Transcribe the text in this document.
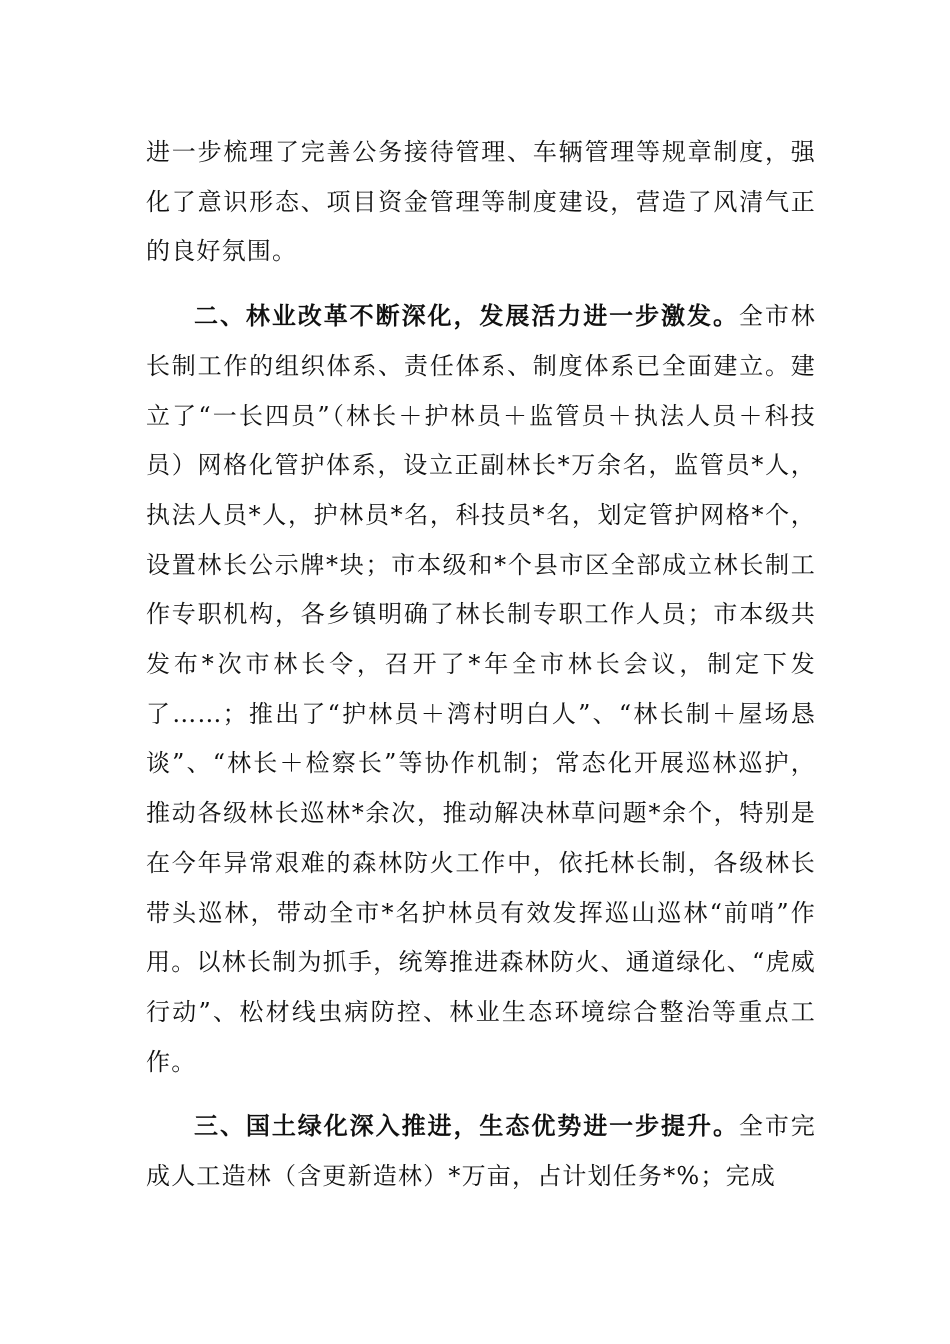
进一步梳理了完善公务接待管理、车辆管理等规章制度，强化了意识形态、项目资金管理等制度建设，营造了风清气正的良好氛围。

二、林业改革不断深化，发展活力进一步激发。全市林长制工作的组织体系、责任体系、制度体系已全面建立。建立了“一长四员”（林长＋护林员＋监管员＋执法人员＋科技员）网格化管护体系，设立正副林长*万余名，监管员*人，执法人员*人，护林员*名，科技员*名，划定管护网格*个，设置林长公示牌*块；市本级和*个县市区全部成立林长制工作专职机构，各乡镇明确了林长制专职工作人员；市本级共发布*次市林长令，召开了*年全市林长会议，制定下发了……；推出了“护林员＋湾村明白人”、“林长制＋屋场恳谈”、“林长＋检察长”等协作机制；常态化开展巡林巡护，推动各级林长巡林*余次，推动解决林草问题*余个，特别是在今年异常艰难的森林防火工作中，依托林长制，各级林长带头巡林，带动全市*名护林员有效发挥巡山巡林“前哨”作用。以林长制为抓手，统筹推进森林防火、通道绿化、“虎威行动”、松材线虫病防控、林业生态环境综合整治等重点工作。

三、国土绿化深入推进，生态优势进一步提升。全市完成人工造林（含更新造林）*万亩，占计划任务*%；完成
